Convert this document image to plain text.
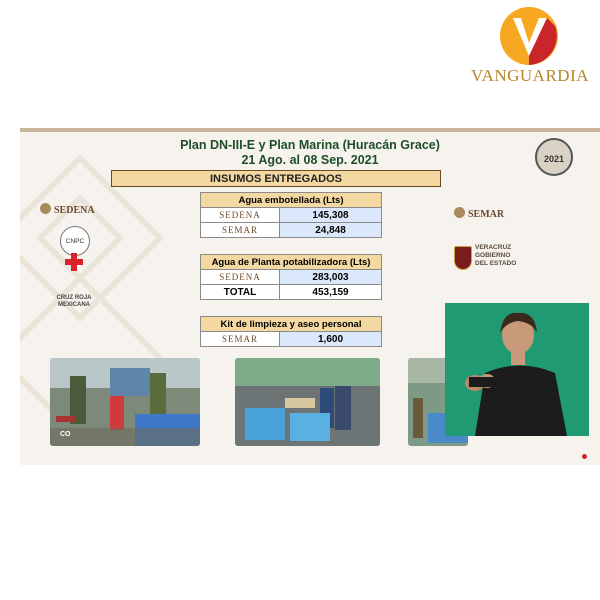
VANGUARDIA
Plan DN-III-E y Plan Marina (Huracán Grace)
21 Ago. al 08 Sep. 2021
INSUMOS ENTREGADOS
2021
SEDENA
CNPC
CRUZ ROJA
MEXICANA
SEMAR
VERACRUZ
GOBIERNO
DEL ESTADO
Agua embotellada (Lts)	
SEDENA	145,308
SEMAR	24,848
Agua de Planta potabilizadora (Lts)	
SEDENA	283,003
TOTAL	453,159
Kit de limpieza y aseo personal
SEMAR	1,600
CO
